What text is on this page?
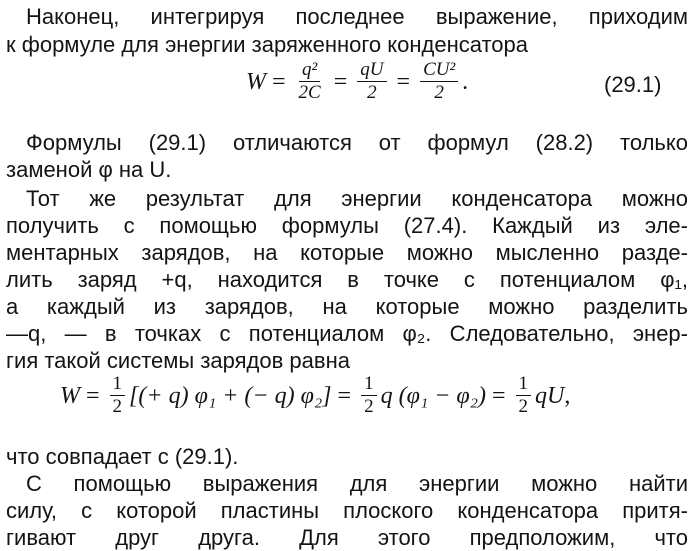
Наконец, интегрируя последнее выражение, приходим
к формуле для энергии заряженного конденсатора
$W = \frac{\text{q²}}{2C} = \frac{qU}{2} = \frac{\text{CU²}}{2}$ .	(29.1)
Формулы (29.1) отличаются от формул (28.2) только
заменой φ на U.
Тот же результат для энергии конденсатора можно
получить с помощью формулы (27.4). Каждый из эле-
ментарных зарядов, на которые можно мысленно разде-
лить заряд +q, находится в точке с потенциалом φ₁,
а каждый из зарядов, на которые можно разделить
—q, — в точках с потенциалом φ₂. Следовательно, энер-
гия такой системы зарядов равна
$W = \frac{1}{2}$ [(+ q) φ₁ + (− q) $\varphi_2] = \frac{1}{2}$ q $(\varphi_1 - \varphi_2) = \frac{1}{2}$ qU ,
что совпадает с (29.1).
С помощью выражения для энергии можно найти
силу, с которой пластины плоского конденсатора притя-
гивают друг друга. Для этого предположим, что
